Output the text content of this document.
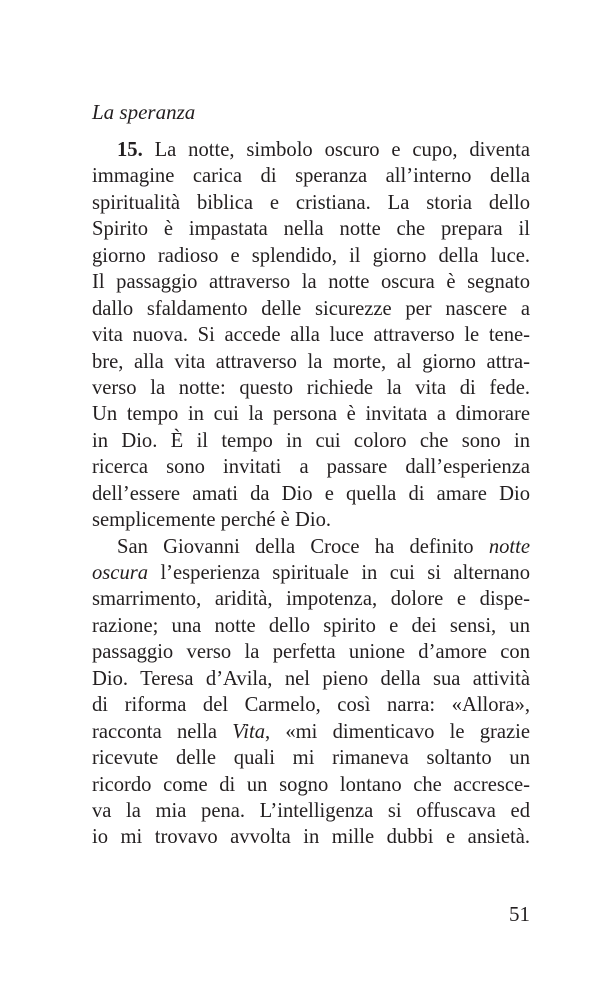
La speranza
15. La notte, simbolo oscuro e cupo, diventa
immagine carica di speranza all’interno della
spiritualità biblica e cristiana. La storia dello
Spirito è impastata nella notte che prepara il
giorno radioso e splendido, il giorno della luce.
Il passaggio attraverso la notte oscura è segnato
dallo sfaldamento delle sicurezze per nascere a
vita nuova. Si accede alla luce attraverso le tene-
bre, alla vita attraverso la morte, al giorno attra-
verso la notte: questo richiede la vita di fede.
Un tempo in cui la persona è invitata a dimorare
in Dio. È il tempo in cui coloro che sono in
ricerca sono invitati a passare dall’esperienza
dell’essere amati da Dio e quella di amare Dio
semplicemente perché è Dio.
San Giovanni della Croce ha definito notte
oscura l’esperienza spirituale in cui si alternano
smarrimento, aridità, impotenza, dolore e dispe-
razione; una notte dello spirito e dei sensi, un
passaggio verso la perfetta unione d’amore con
Dio. Teresa d’Avila, nel pieno della sua attività
di riforma del Carmelo, così narra: «Allora»,
racconta nella Vita, «mi dimenticavo le grazie
ricevute delle quali mi rimaneva soltanto un
ricordo come di un sogno lontano che accresce-
va la mia pena. L’intelligenza si offuscava ed
io mi trovavo avvolta in mille dubbi e ansietà.
51
